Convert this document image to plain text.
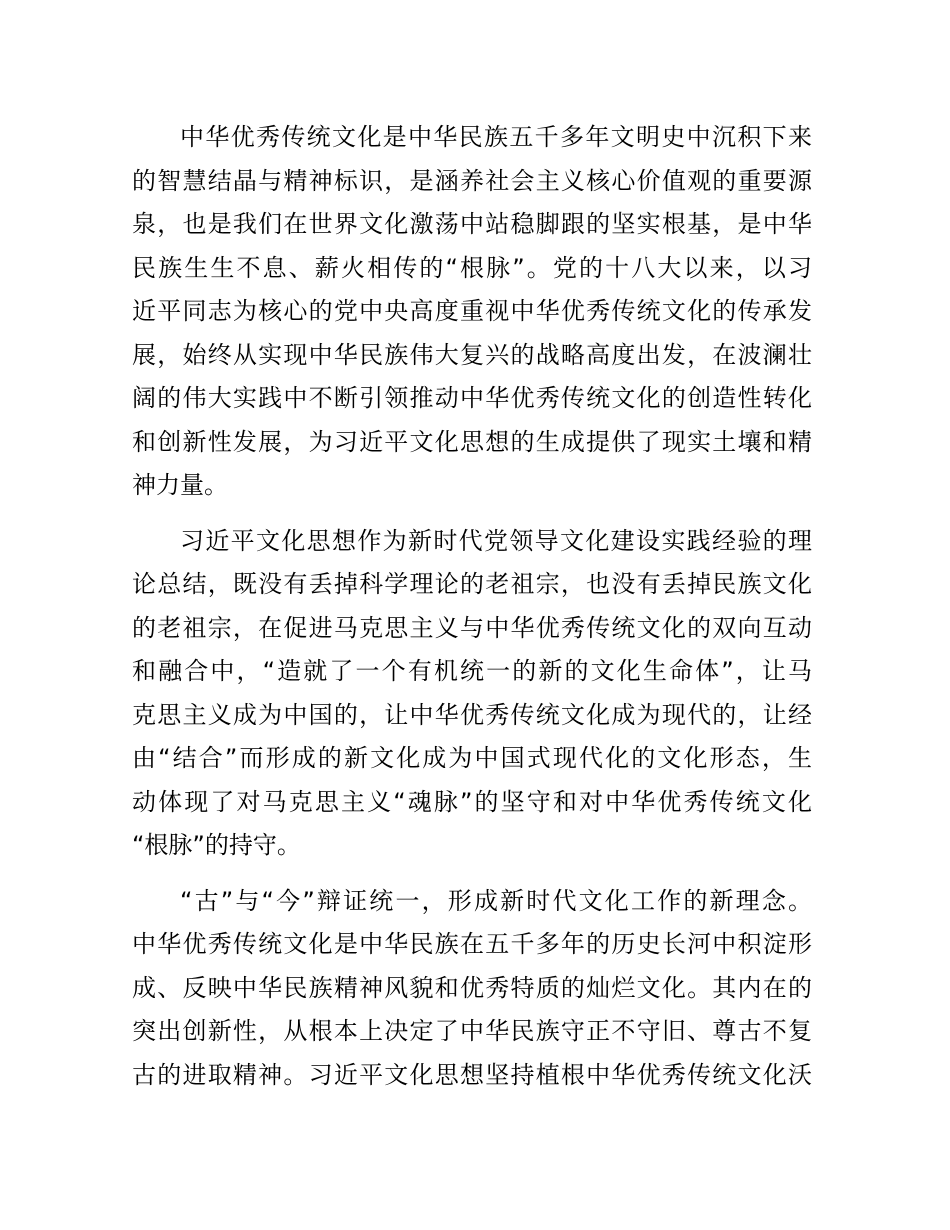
中华优秀传统文化是中华民族五千多年文明史中沉积下来
的智慧结晶与精神标识，是涵养社会主义核心价值观的重要源
泉，也是我们在世界文化激荡中站稳脚跟的坚实根基，是中华
民族生生不息、薪火相传的“根脉”。党的十八大以来，以习
近平同志为核心的党中央高度重视中华优秀传统文化的传承发
展，始终从实现中华民族伟大复兴的战略高度出发，在波澜壮
阔的伟大实践中不断引领推动中华优秀传统文化的创造性转化
和创新性发展，为习近平文化思想的生成提供了现实土壤和精
神力量。
习近平文化思想作为新时代党领导文化建设实践经验的理
论总结，既没有丢掉科学理论的老祖宗，也没有丢掉民族文化
的老祖宗，在促进马克思主义与中华优秀传统文化的双向互动
和融合中，“造就了一个有机统一的新的文化生命体”，让马
克思主义成为中国的，让中华优秀传统文化成为现代的，让经
由“结合”而形成的新文化成为中国式现代化的文化形态，生
动体现了对马克思主义“魂脉”的坚守和对中华优秀传统文化
“根脉”的持守。
“古”与“今”辩证统一，形成新时代文化工作的新理念。
中华优秀传统文化是中华民族在五千多年的历史长河中积淀形
成、反映中华民族精神风貌和优秀特质的灿烂文化。其内在的
突出创新性，从根本上决定了中华民族守正不守旧、尊古不复
古的进取精神。习近平文化思想坚持植根中华优秀传统文化沃
